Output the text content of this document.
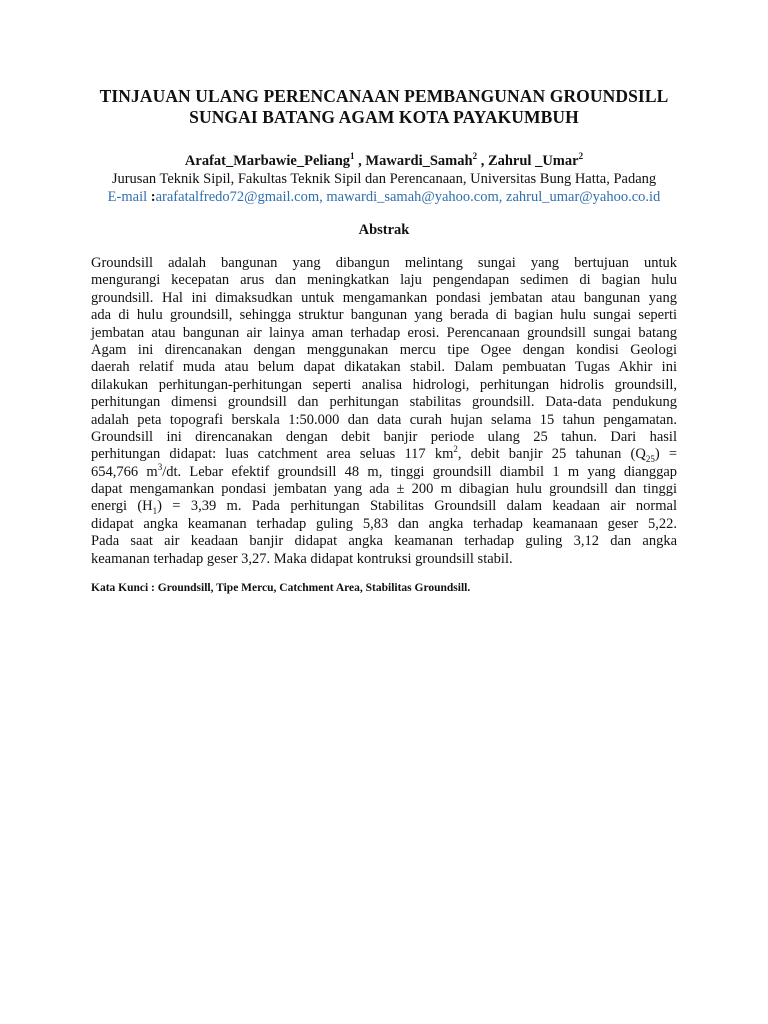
TINJAUAN ULANG PERENCANAAN PEMBANGUNAN GROUNDSILL
SUNGAI BATANG AGAM KOTA PAYAKUMBUH
Arafat_Marbawie_Peliang$^1$ , Mawardi_Samah$^2$ , Zahrul _Umar$^2$
Jurusan Teknik Sipil, Fakultas Teknik Sipil dan Perencanaan, Universitas Bung Hatta, Padang
E-mail :arafatalfredo72@gmail.com, mawardi_samah@yahoo.com, zahrul_umar@yahoo.co.id
Abstrak
Groundsill adalah bangunan yang dibangun melintang sungai yang bertujuan untuk
mengurangi kecepatan arus dan meningkatkan laju pengendapan sedimen di bagian hulu
groundsill. Hal ini dimaksudkan untuk mengamankan pondasi jembatan atau bangunan yang
ada di hulu groundsill, sehingga struktur bangunan yang berada di bagian hulu sungai seperti
jembatan atau bangunan air lainya aman terhadap erosi. Perencanaan groundsill sungai batang
Agam ini direncanakan dengan menggunakan mercu tipe Ogee dengan kondisi Geologi
daerah relatif muda atau belum dapat dikatakan stabil. Dalam pembuatan Tugas Akhir ini
dilakukan perhitungan-perhitungan seperti analisa hidrologi, perhitungan hidrolis groundsill,
perhitungan dimensi groundsill dan perhitungan stabilitas groundsill. Data-data pendukung
adalah peta topografi berskala 1:50.000 dan data curah hujan selama 15 tahun pengamatan.
Groundsill ini direncanakan dengan debit banjir periode ulang 25 tahun. Dari hasil
perhitungan didapat: luas catchment area seluas 117 $km^2$, debit banjir 25 tahunan $(Q_{25})$ =
654,766 $m^3/dt$. Lebar efektif groundsill 48 m, tinggi groundsill diambil 1 m yang dianggap
dapat mengamankan pondasi jembatan yang ada ± 200 m dibagian hulu groundsill dan tinggi
energi $(H_1) = 3,39$ m. Pada perhitungan Stabilitas Groundsill dalam keadaan air normal
didapat angka keamanan terhadap guling 5,83 dan angka terhadap keamanaan geser 5,22.
Pada saat air keadaan banjir didapat angka keamanan terhadap guling 3,12 dan angka
keamanan terhadap geser 3,27. Maka didapat kontruksi groundsill stabil.
Kata Kunci : Groundsill, Tipe Mercu, Catchment Area, Stabilitas Groundsill.
